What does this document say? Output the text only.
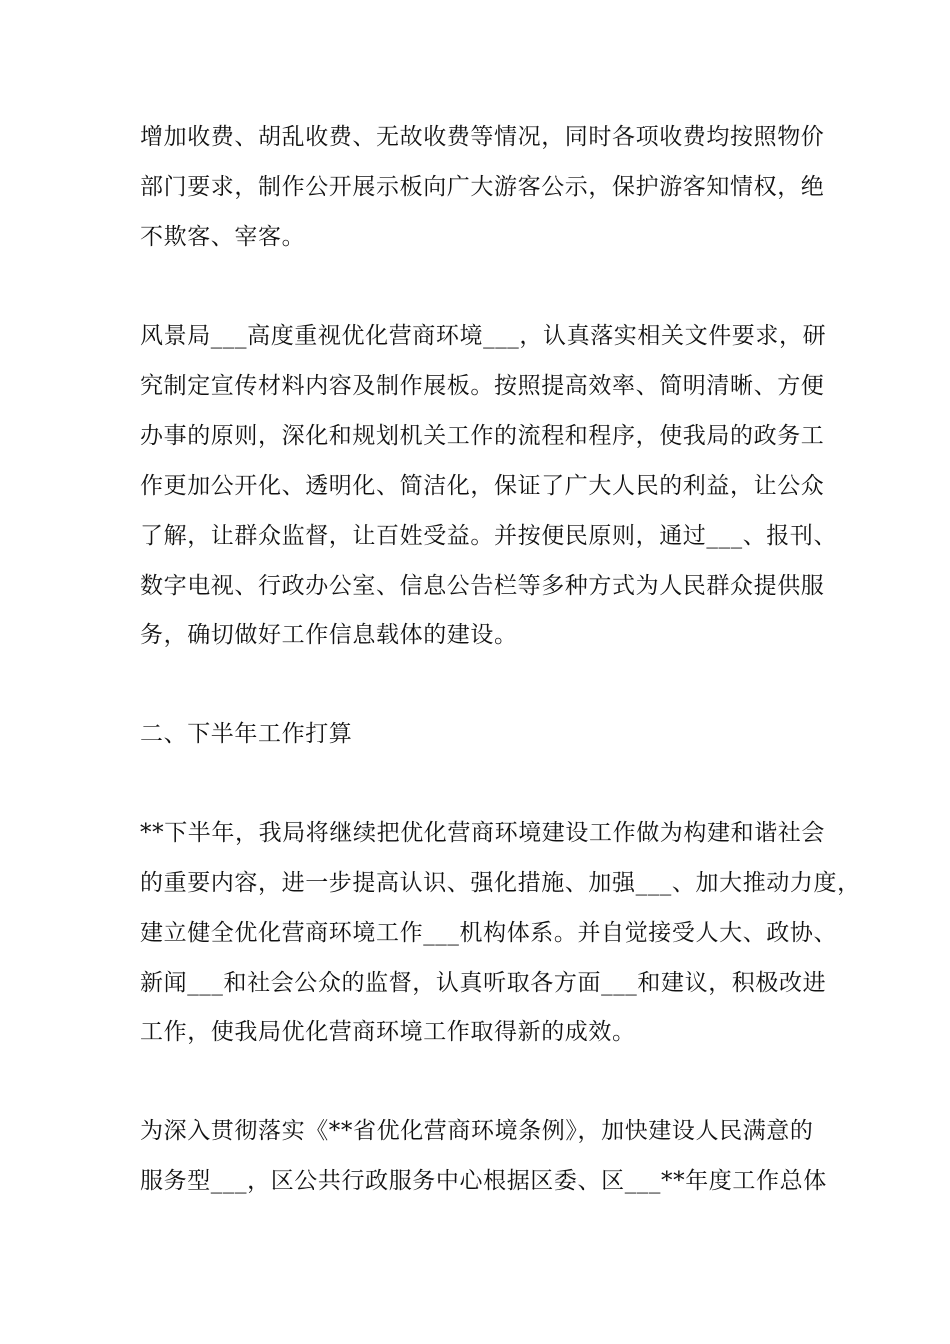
增加收费、胡乱收费、无故收费等情况，同时各项收费均按照物价
部门要求，制作公开展示板向广大游客公示，保护游客知情权，绝
不欺客、宰客。
风景局___高度重视优化营商环境___，认真落实相关文件要求，研
究制定宣传材料内容及制作展板。按照提高效率、简明清晰、方便
办事的原则，深化和规划机关工作的流程和程序，使我局的政务工
作更加公开化、透明化、简洁化，保证了广大人民的利益，让公众
了解，让群众监督，让百姓受益。并按便民原则，通过___、报刊、
数字电视、行政办公室、信息公告栏等多种方式为人民群众提供服
务，确切做好工作信息载体的建设。
二、下半年工作打算
**下半年，我局将继续把优化营商环境建设工作做为构建和谐社会
的重要内容，进一步提高认识、强化措施、加强___、加大推动力度，
建立健全优化营商环境工作___机构体系。并自觉接受人大、政协、
新闻___和社会公众的监督，认真听取各方面___和建议，积极改进
工作，使我局优化营商环境工作取得新的成效。
为深入贯彻落实《**省优化营商环境条例》，加快建设人民满意的
服务型___，区公共行政服务中心根据区委、区___**年度工作总体
